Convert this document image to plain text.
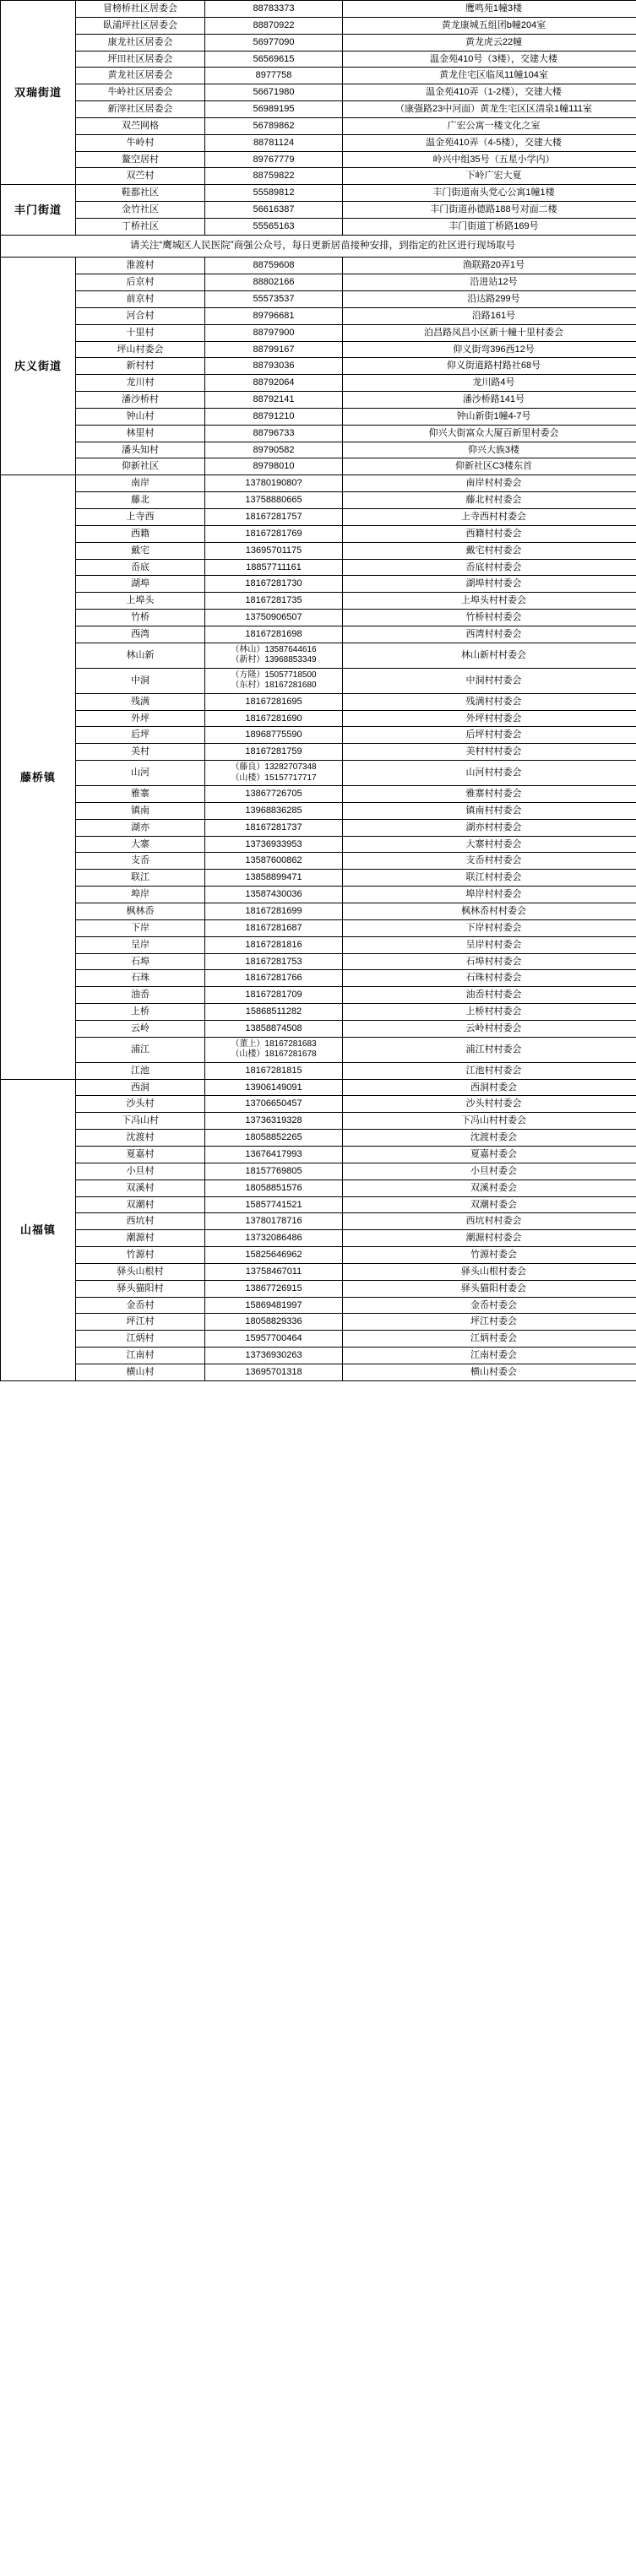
双瑞街道	冒榜桥社区居委会	88783373	鹰鸣苑1幢3楼
	臥浦坪社区居委会	88870922	黄龙康城五组团b幢204室
	康龙社区居委会	56977090	黄龙虎云22幢
	坪田社区居委会	56569615	温金苑410号（3楼），交建大楼
	黄龙社区居委会	8977758	黄龙住宅区临凤11幢104室
	牛岭社区居委会	56671980	温金苑410弄（1-2楼），交建大楼
	新滓社区居委会	56989195	（康强路23中河面）黄龙生宅区区清泉1幢111室
	双苎网格	56789862	广宏公寓一楼文化之室
	牛岭村	88781124	温金苑410弄（4-5楼），交建大楼
	鳌空居村	89767779	岭兴中组35号（五星小学内）
	双苎村	88759822	下岭广宏大夏
丰门街道	鞋都社区	55589812	丰门街道南头党心公寓1幢1楼
	金竹社区	56616387	丰门街道孙德路188号对面二楼
	丁桥社区	55565163	丰门街道丁桥路169号
请关注“鹰城区人民医院”商强公众号，每日更新居苗接种安排，到指定的社区进行现场取号			
庆义街道	淮渡村	88759608	渔联路20弄1号
	后京村	88802166	沿进站12号
	前京村	55573537	沿达路299号
	河合村	89796681	沿路161号
	十里村	88797900	泊昌路凤昌小区新十幢十里村委会
	坪山村委会	88799167	仰义街弯396西12号
	新村村	88793036	仰义街道路村路社68号
	龙川村	88792064	龙川路4号
	潘沙桥村	88792141	潘沙桥路141号
	钟山村	88791210	钟山新街1幢4-7号
	林里村	88796733	仰兴大街富众大厦百新里村委会
	潘头知村	89790582	仰兴大族3楼
	仰新社区	89798010	仰新社区C3楼东首
藤桥镇	南岸	1378019080?	南岸村村委会
	藤北	13758880665	藤北村村委会
	上寺西	18167281757	上寺西村村委会
	西籍	18167281769	西籍村村委会
	戴宅	13695701175	戴宅村村委会
	岙底	18857711161	岙底村村委会
	湖埠	18167281730	湖埠村村委会
	上埠头	18167281735	上埠头村村委会
	竹桥	13750906507	竹桥村村委会
	西湾	18167281698	西湾村村委会
	林山新	（林山）13587644616
（新村）13968853349	林山新村村委会
	中洞	（方隆）15057718500
（东村）18167281680	中洞村村委会
	残满	18167281695	残满村村委会
	外坪	18167281690	外坪村村委会
	后坪	18968775590	后坪村村委会
	美村	18167281759	美村村村委会
	山河	（藤良）13282707348
（山楼）15157717717	山河村村委会
	雅寨	13867726705	雅寨村村委会
	镇南	13968836285	镇南村村委会
	湖亦	18167281737	湖亦村村委会
	大寨	13736933953	大寨村村委会
	支岙	13587600862	支岙村村委会
	联江	13858899471	联江村村委会
	埠岸	13587430036	埠岸村村委会
	枫林岙	18167281699	枫林岙村村委会
	下岸	18167281687	下岸村村委会
	呈岸	18167281816	呈岸村村委会
	石埠	18167281753	石埠村村委会
	石珠	18167281766	石珠村村委会
	油岙	18167281709	油岙村村委会
	上桥	15868511282	上桥村村委会
	云岭	13858874508	云岭村村委会
	浦江	（董上）18167281683
（山楼）18167281678	浦江村村委会
	江池	18167281815	江池村村委会
山福镇	西洞	13906149091	西洞村委会
	沙头村	13706650457	沙头村村委会
	下冯山村	13736319328	下冯山村村委会
	沈渡村	18058852265	沈渡村委会
	夏嘉村	13676417993	夏嘉村委会
	小旦村	18157769805	小旦村委会
	双溪村	18058851576	双溪村委会
	双潮村	15857741521	双潮村委会
	西坑村	13780178716	西坑村村委会
	潮源村	13732086486	潮源村村委会
	竹源村	15825646962	竹源村委会
	驿头山根村	13758467011	驿头山根村委会
	驿头猫阳村	13867726915	驿头猫阳村委会
	金岙村	15869481997	金岙村委会
	坪江村	18058829336	坪江村委会
	江炳村	15957700464	江炳村委会
	江南村	13736930263	江南村委会
	横山村	13695701318	横山村委会
